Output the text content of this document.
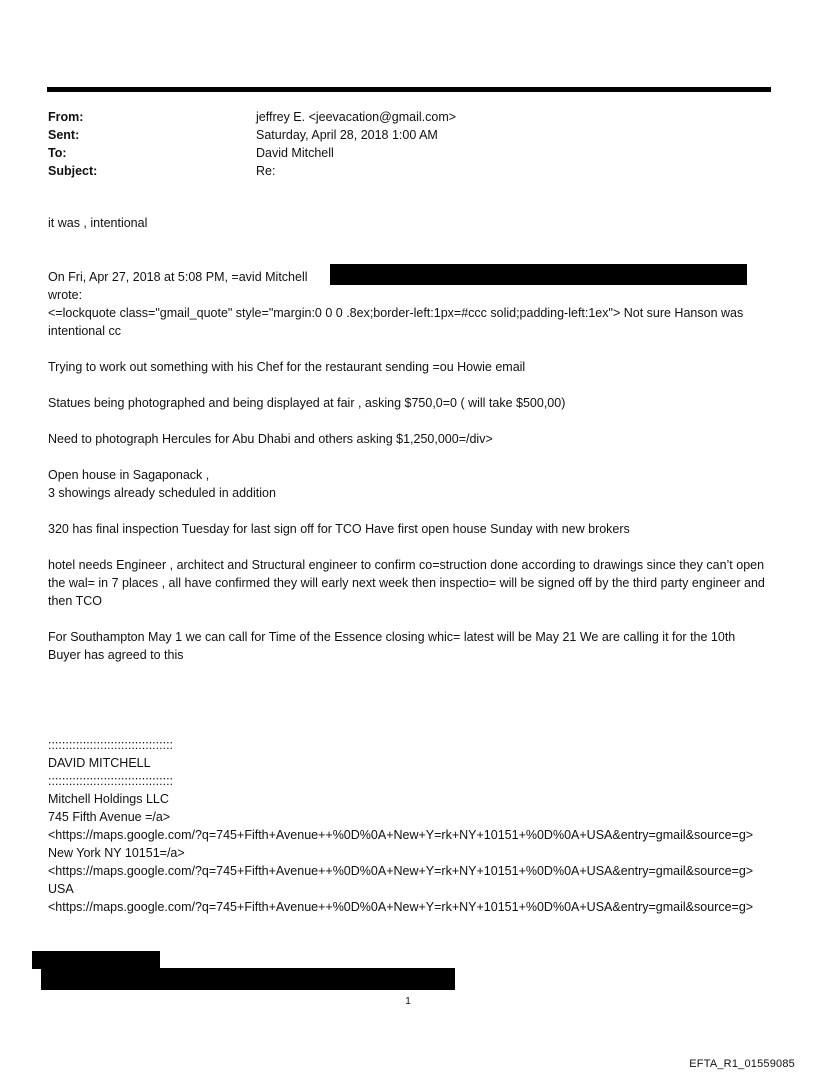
From:	jeffrey E. <jeevacation@gmail.com>
Sent:	Saturday, April 28, 2018 1:00 AM
To:	David Mitchell
Subject:	Re:

it was , intentional

On Fri, Apr 27, 2018 at 5:08 PM, =avid Mitchell

wrote:

<=lockquote class="gmail_quote" style="margin:0 0 0 .8ex;border-left:1px=#ccc solid;padding-left:1ex"> Not sure Hanson was intentional cc

Trying to work out something with his Chef for the restaurant sending =ou Howie email

Statues being photographed and being displayed at fair , asking $750,0=0 ( will take $500,00)

Need to photograph Hercules for Abu Dhabi and others asking $1,250,000=/div>

Open house in Sagaponack ,

3 showings already scheduled in addition

320 has final inspection Tuesday for last sign off for TCO Have first open house Sunday with new brokers

hotel needs Engineer , architect and Structural engineer to confirm co=struction done according to drawings since they can’t open the wal= in 7 places , all have confirmed they will early next week then inspectio= will be signed off by the third party engineer and then TCO

For Southampton May 1 we can call for Time of the Essence closing whic= latest will be May 21 We are calling it for the 10th Buyer has agreed to this

::::::::::::::::::::::::::::::::::::

DAVID MITCHELL

::::::::::::::::::::::::::::::::::::

Mitchell Holdings LLC

745 Fifth Avenue =/a>

<https://maps.google.com/?q=745+Fifth+Avenue++%0D%0A+New+Y=rk+NY+10151+%0D%0A+USA&entry=gmail&source=g>

New York NY 10151=/a>

<https://maps.google.com/?q=745+Fifth+Avenue++%0D%0A+New+Y=rk+NY+10151+%0D%0A+USA&entry=gmail&source=g>

USA

<https://maps.google.com/?q=745+Fifth+Avenue++%0D%0A+New+Y=rk+NY+10151+%0D%0A+USA&entry=gmail&source=g>

1
EFTA_R1_01559085
